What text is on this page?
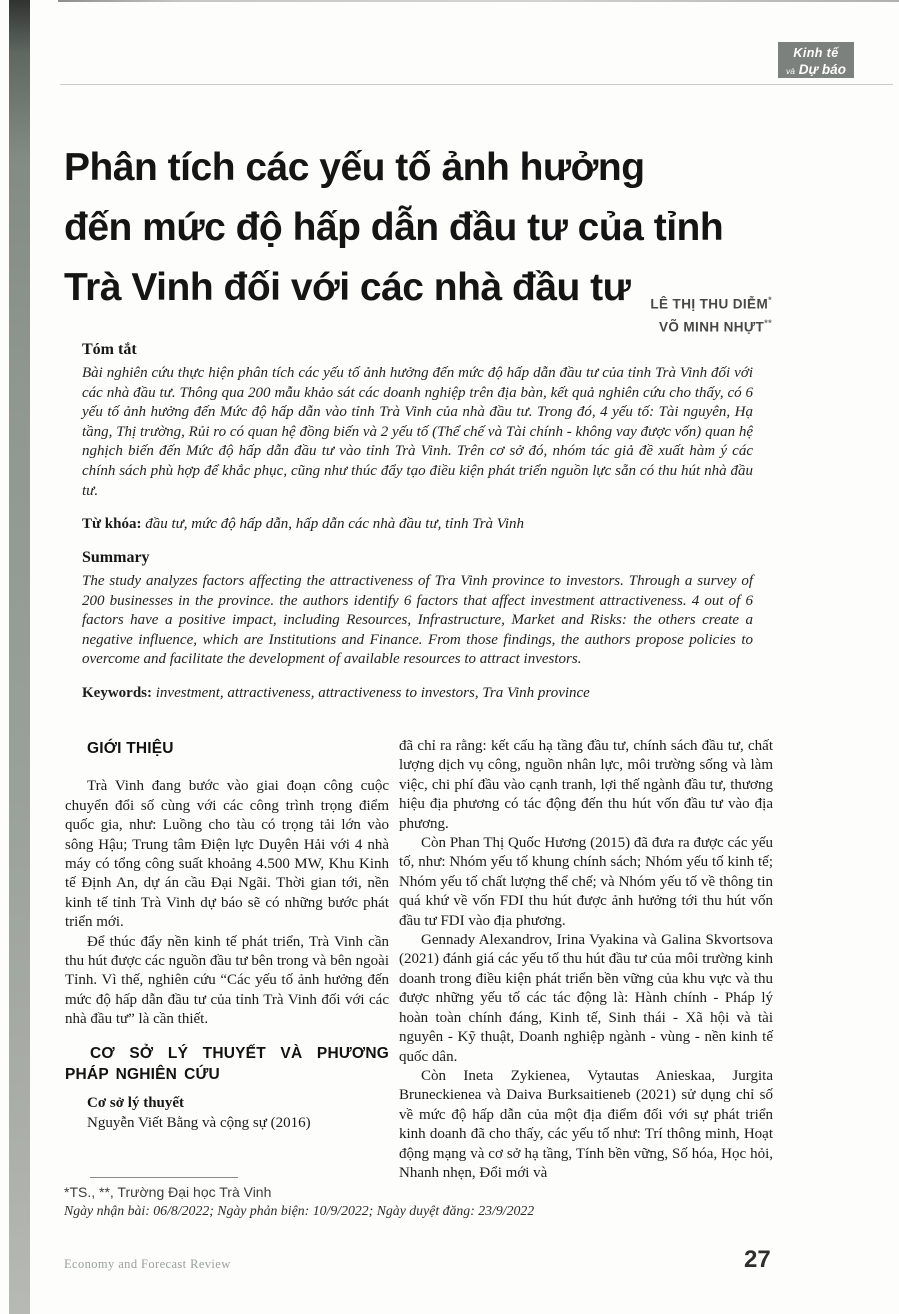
Kinh tế
và Dự báo
Phân tích các yếu tố ảnh hưởng
đến mức độ hấp dẫn đầu tư của tỉnh
Trà Vinh đối với các nhà đầu tư	LÊ THỊ THU DIỄM*
VÕ MINH NHỰT**
Tóm tắt

Bài nghiên cứu thực hiện phân tích các yếu tố ảnh hưởng đến mức độ hấp dẫn đầu tư của tỉnh Trà Vinh đối với các nhà đầu tư. Thông qua 200 mẫu khảo sát các doanh nghiệp trên địa bàn, kết quả nghiên cứu cho thấy, có 6 yếu tố ảnh hưởng đến Mức độ hấp dẫn vào tỉnh Trà Vinh của nhà đầu tư. Trong đó, 4 yếu tố: Tài nguyên, Hạ tầng, Thị trường, Rủi ro có quan hệ đồng biến và 2 yếu tố (Thể chế và Tài chính - không vay được vốn) quan hệ nghịch biến đến Mức độ hấp dẫn đầu tư vào tỉnh Trà Vinh. Trên cơ sở đó, nhóm tác giả đề xuất hàm ý các chính sách phù hợp để khắc phục, cũng như thúc đẩy tạo điều kiện phát triển nguồn lực sẵn có thu hút nhà đầu tư.

Từ khóa: đầu tư, mức độ hấp dẫn, hấp dẫn các nhà đầu tư, tỉnh Trà Vinh

Summary

The study analyzes factors affecting the attractiveness of Tra Vinh province to investors. Through a survey of 200 businesses in the province. the authors identify 6 factors that affect investment attractiveness. 4 out of 6 factors have a positive impact, including Resources, Infrastructure, Market and Risks: the others create a negative influence, which are Institutions and Finance. From those findings, the authors propose policies to overcome and facilitate the development of available resources to attract investors.

Keywords: investment, attractiveness, attractiveness to investors, Tra Vinh province

GIỚI THIỆU

Trà Vinh đang bước vào giai đoạn công cuộc chuyển đổi số cùng với các công trình trọng điểm quốc gia, như: Luồng cho tàu có trọng tải lớn vào sông Hậu; Trung tâm Điện lực Duyên Hải với 4 nhà máy có tổng công suất khoảng 4.500 MW, Khu Kinh tế Định An, dự án cầu Đại Ngãi. Thời gian tới, nền kinh tế tỉnh Trà Vinh dự báo sẽ có những bước phát triển mới.

Để thúc đẩy nền kinh tế phát triển, Trà Vinh cần thu hút được các nguồn đầu tư bên trong và bên ngoài Tỉnh. Vì thế, nghiên cứu “Các yếu tố ảnh hưởng đến mức độ hấp dẫn đầu tư của tỉnh Trà Vinh đối với các nhà đầu tư” là cần thiết.

CƠ SỞ LÝ THUYẾT VÀ PHƯƠNG PHÁP NGHIÊN CỨU
Cơ sở lý thuyết

Nguyễn Viết Bằng và cộng sự (2016)

đã chỉ ra rằng: kết cấu hạ tầng đầu tư, chính sách đầu tư, chất lượng dịch vụ công, nguồn nhân lực, môi trường sống và làm việc, chi phí đầu vào cạnh tranh, lợi thế ngành đầu tư, thương hiệu địa phương có tác động đến thu hút vốn đầu tư vào địa phương.

Còn Phan Thị Quốc Hương (2015) đã đưa ra được các yếu tố, như: Nhóm yếu tố khung chính sách; Nhóm yếu tố kinh tế; Nhóm yếu tố chất lượng thể chế; và Nhóm yếu tố về thông tin quá khứ về vốn FDI thu hút được ảnh hưởng tới thu hút vốn đầu tư FDI vào địa phương.

Gennady Alexandrov, Irina Vyakina và Galina Skvortsova (2021) đánh giá các yếu tố thu hút đầu tư của môi trường kinh doanh trong điều kiện phát triển bền vững của khu vực và thu được những yếu tố các tác động là: Hành chính - Pháp lý hoàn toàn chính đáng, Kinh tế, Sinh thái - Xã hội và tài nguyên - Kỹ thuật, Doanh nghiệp ngành - vùng - nền kinh tế quốc dân.

Còn Ineta Zykienea, Vytautas Anieskaa, Jurgita Bruneckienea và Daiva Burksaitieneb (2021) sử dụng chỉ số về mức độ hấp dẫn của một địa điểm đối với sự phát triển kinh doanh đã cho thấy, các yếu tố như: Trí thông minh, Hoạt động mạng và cơ sở hạ tầng, Tính bền vững, Số hóa, Học hỏi, Nhanh nhẹn, Đổi mới và

*TS., **, Trường Đại học Trà Vinh
Ngày nhận bài: 06/8/2022; Ngày phản biện: 10/9/2022; Ngày duyệt đăng: 23/9/2022
Economy and Forecast Review	27
